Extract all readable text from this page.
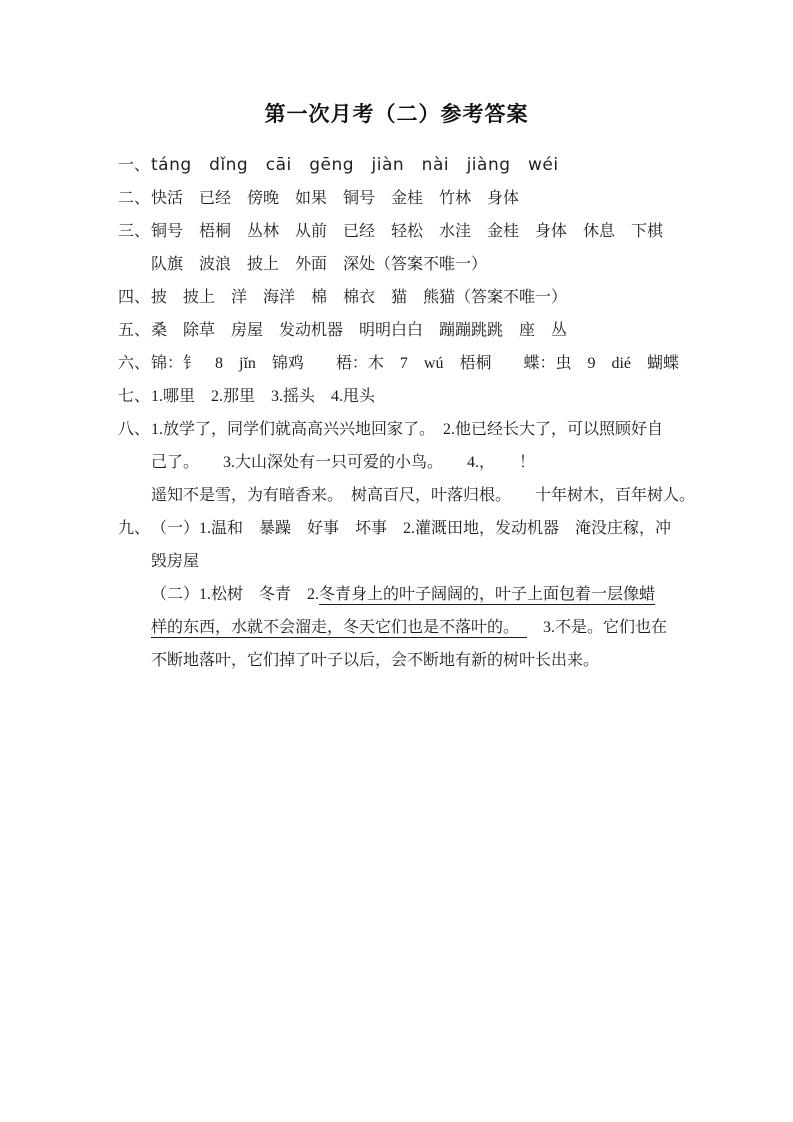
第一次月考（二）参考答案
一、 táng　dǐng　cāi　gēng　jiàn　nài　jiàng　wéi
二、 快活　已经　傍晚　如果　铜号　金桂　竹林　身体
三、 铜号　梧桐　丛林　从前　已经　轻松　水洼　金桂　身体　休息　下棋
队旗　波浪　披上　外面　深处（答案不唯一）
四、 披　披上　洋　海洋　棉　棉衣　猫　熊猫（答案不唯一）
五、 桑　除草　房屋　发动机器　明明白白　蹦蹦跳跳　座　丛
六、 锦：钅　8　jǐn　锦鸡　　梧：木　7　wú　梧桐　　蝶：虫　9　dié　蝴蝶
七、 1.哪里　2.那里　3.摇头　4.甩头
八、 1.放学了，同学们就高高兴兴地回家了。　2.他已经长大了，可以照顾好自
己了。　　3.大山深处有一只可爱的小鸟。　　4.，　　！
遥知不是雪，为有暗香来。　树高百尺，叶落归根。　　十年树木，百年树人。
九、 （一）1.温和　暴躁　好事　坏事　2.灌溉田地，发动机器　淹没庄稼，冲
毁房屋
（二）1.松树　冬青　2.冬青身上的叶子阔阔的，叶子上面包着一层像蜡
样的东西，水就不会溜走，冬天它们也是不落叶的。　　3.不是。它们也在
不断地落叶，它们掉了叶子以后，会不断地有新的树叶长出来。
